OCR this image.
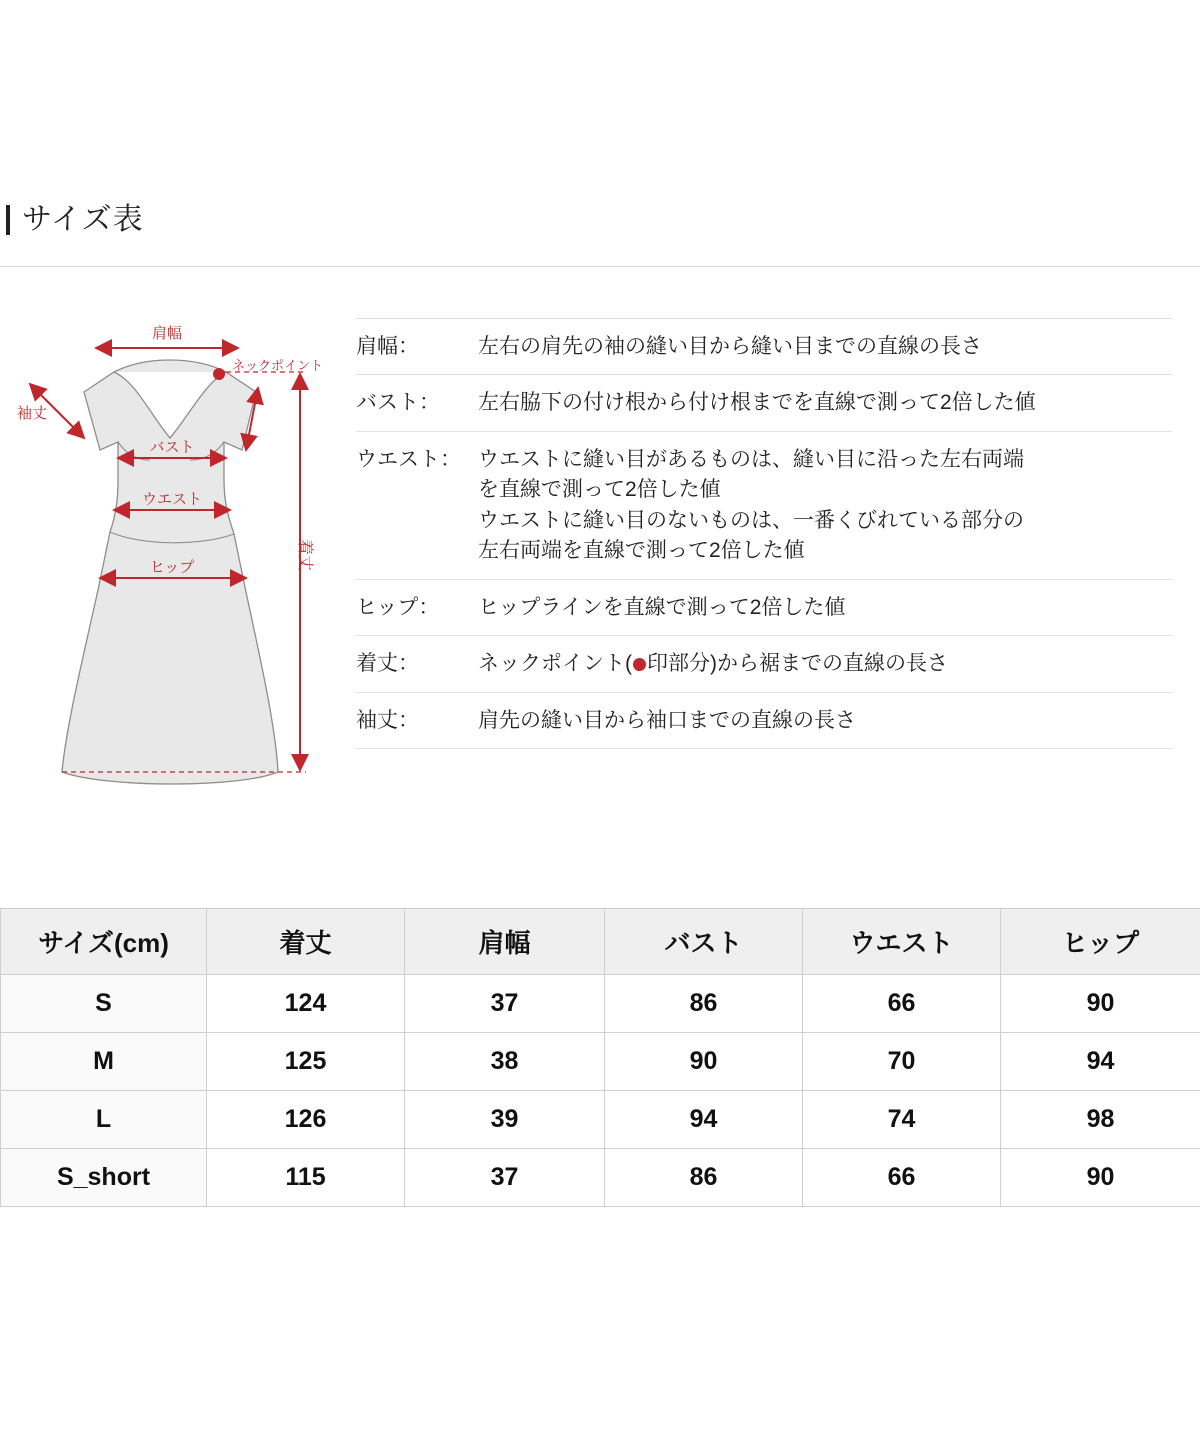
サイズ表
肩幅
ネックポイント
袖丈
バスト
ウエスト
ヒップ	着丈
肩幅：	左右の肩先の袖の縫い目から縫い目までの直線の長さ
バスト：	左右脇下の付け根から付け根までを直線で測って2倍した値
ウエスト： ウエストに縫い目があるものは、縫い目に沿った左右両端
を直線で測って2倍した値
ウエストに縫い目のないものは、一番くびれている部分の
左右両端を直線で測って2倍した値
ヒップ：	ヒップラインを直線で測って2倍した値
着丈：	ネックポイント( 印部分)から裾までの直線の長さ
袖丈：	肩先の縫い目から袖口までの直線の長さ
サイズ(cm)	着丈	肩幅	バスト	ウエスト	ヒップ
S	124	37	86	66	90
M	125	38	90	70	94
L	126	39	94	74	98
S_short	115	37	86	66	90
